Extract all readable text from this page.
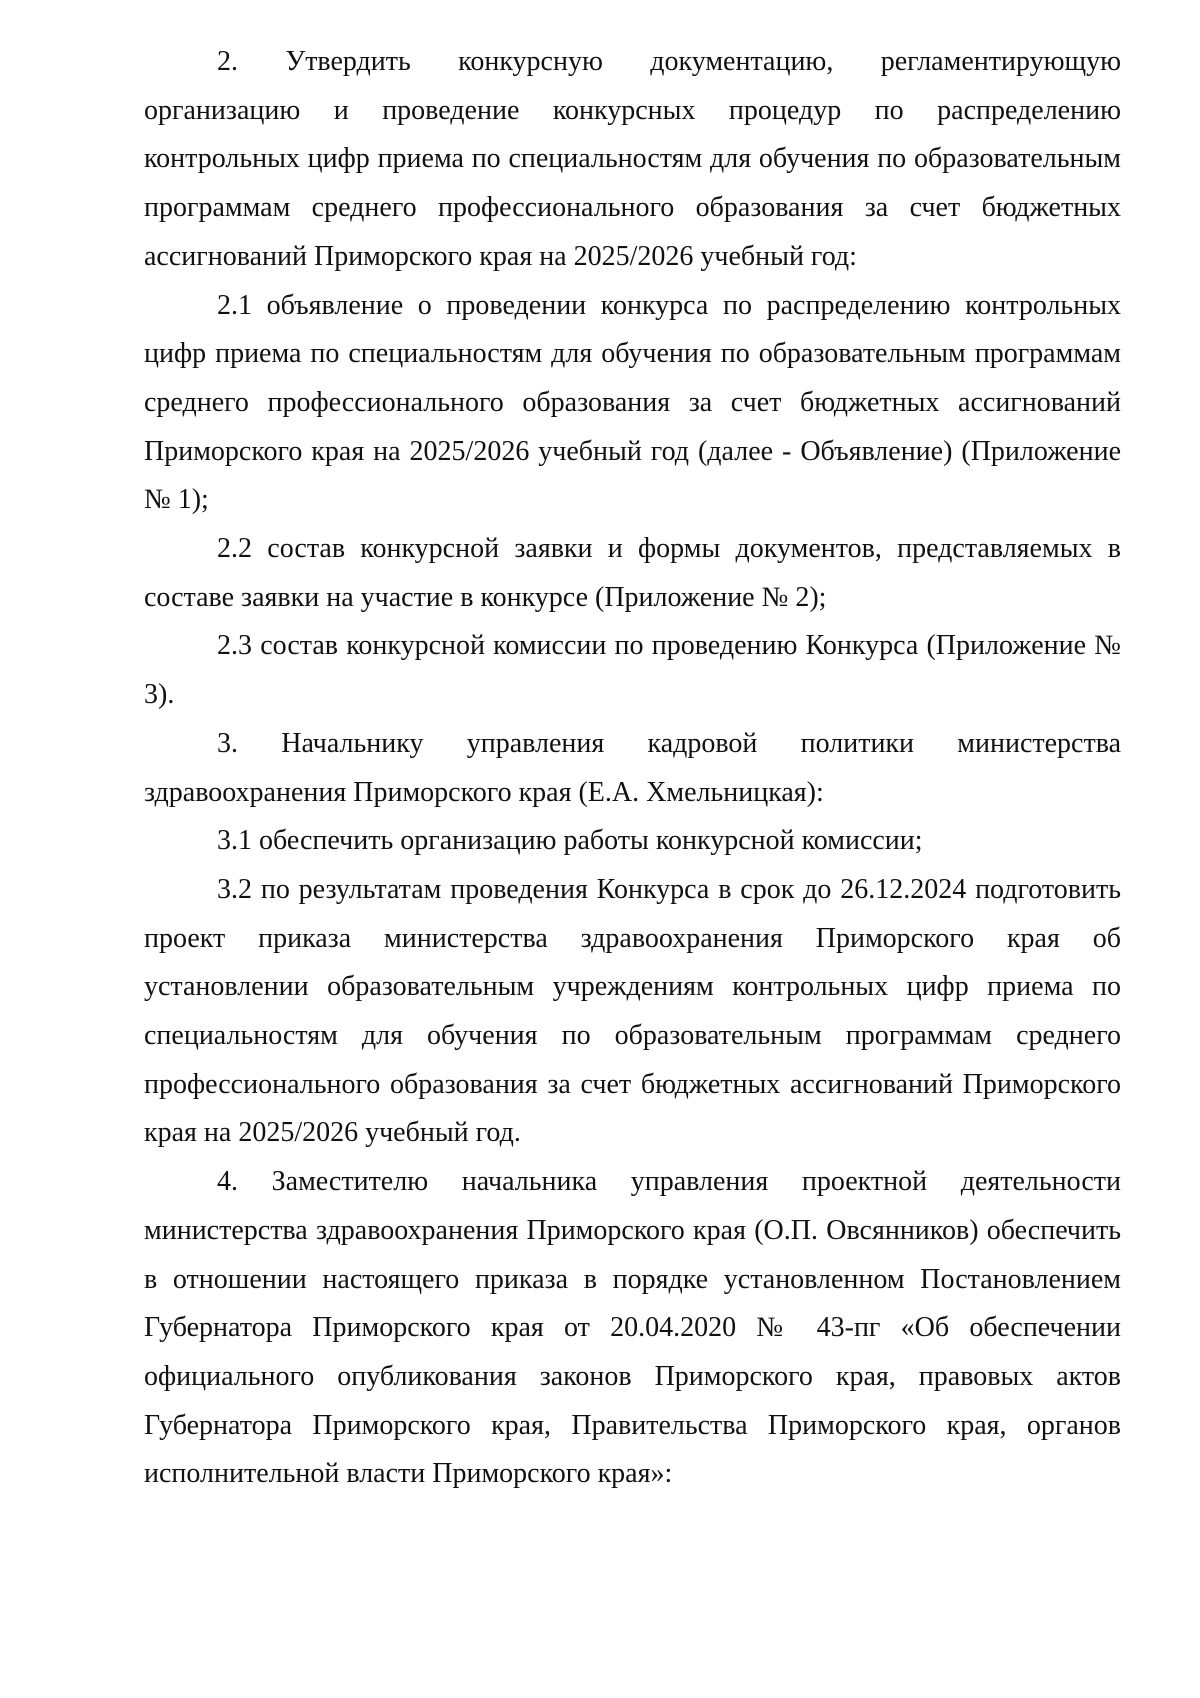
2. Утвердить конкурсную документацию, регламентирующую организацию и проведение конкурсных процедур по распределению контрольных цифр приема по специальностям для обучения по образовательным программам среднего профессионального образования за счет бюджетных ассигнований Приморского края на 2025/2026 учебный год:

2.1 объявление о проведении конкурса по распределению контрольных цифр приема по специальностям для обучения по образовательным программам среднего профессионального образования за счет бюджетных ассигнований Приморского края на 2025/2026 учебный год (далее - Объявление) (Приложение № 1);

2.2 состав конкурсной заявки и формы документов, представляемых в составе заявки на участие в конкурсе (Приложение № 2);

2.3 состав конкурсной комиссии по проведению Конкурса (Приложение № 3).

3. Начальнику управления кадровой политики министерства здравоохранения Приморского края (Е.А. Хмельницкая):

3.1 обеспечить организацию работы конкурсной комиссии;

3.2 по результатам проведения Конкурса в срок до 26.12.2024 подготовить проект приказа министерства здравоохранения Приморского края об установлении образовательным учреждениям контрольных цифр приема по специальностям для обучения по образовательным программам среднего профессионального образования за счет бюджетных ассигнований Приморского края на 2025/2026 учебный год.

4. Заместителю начальника управления проектной деятельности министерства здравоохранения Приморского края (О.П. Овсянников) обеспечить в отношении настоящего приказа в порядке установленном Постановлением Губернатора Приморского края от 20.04.2020 № 43-пг «Об обеспечении официального опубликования законов Приморского края, правовых актов Губернатора Приморского края, Правительства Приморского края, органов исполнительной власти Приморского края»:
